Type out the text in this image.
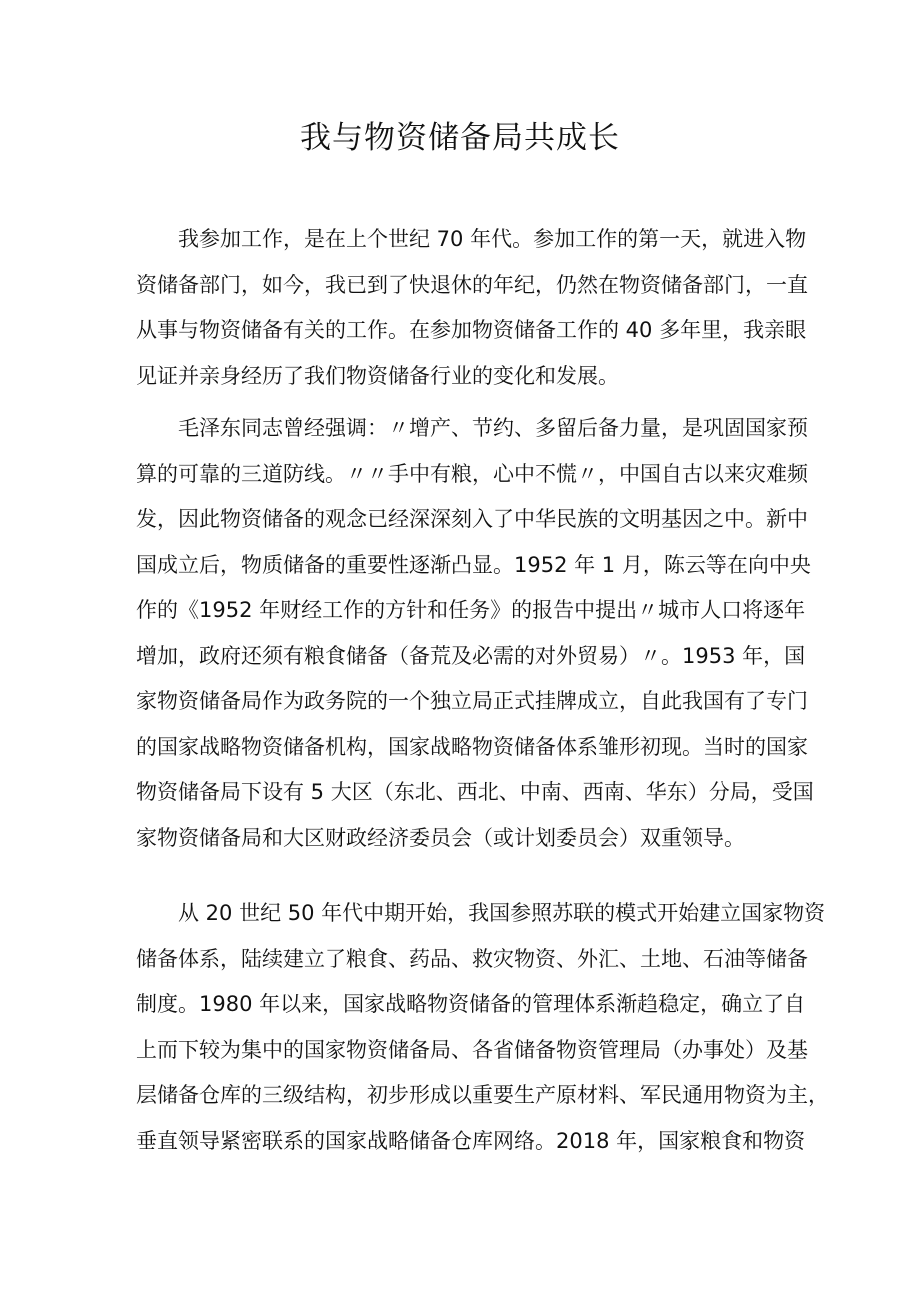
我与物资储备局共成长
我参加工作，是在上个世纪 70 年代。参加工作的第一天，就进入物
资储备部门，如今，我已到了快退休的年纪，仍然在物资储备部门，一直
从事与物资储备有关的工作。在参加物资储备工作的 40 多年里，我亲眼
见证并亲身经历了我们物资储备行业的变化和发展。
毛泽东同志曾经强调：〃增产、节约、多留后备力量，是巩固国家预
算的可靠的三道防线。〃〃手中有粮，心中不慌〃，中国自古以来灾难频
发，因此物资储备的观念已经深深刻入了中华民族的文明基因之中。新中
国成立后，物质储备的重要性逐渐凸显。1952 年 1 月，陈云等在向中央
作的《1952 年财经工作的方针和任务》的报告中提出〃城市人口将逐年
增加，政府还须有粮食储备（备荒及必需的对外贸易）〃。1953 年，国
家物资储备局作为政务院的一个独立局正式挂牌成立，自此我国有了专门
的国家战略物资储备机构，国家战略物资储备体系雏形初现。当时的国家
物资储备局下设有 5 大区（东北、西北、中南、西南、华东）分局，受国
家物资储备局和大区财政经济委员会（或计划委员会）双重领导。
从 20 世纪 50 年代中期开始，我国参照苏联的模式开始建立国家物资
储备体系，陆续建立了粮食、药品、救灾物资、外汇、土地、石油等储备
制度。1980 年以来，国家战略物资储备的管理体系渐趋稳定，确立了自
上而下较为集中的国家物资储备局、各省储备物资管理局（办事处）及基
层储备仓库的三级结构，初步形成以重要生产原材料、军民通用物资为主，
垂直领导紧密联系的国家战略储备仓库网络。2018 年，国家粮食和物资
